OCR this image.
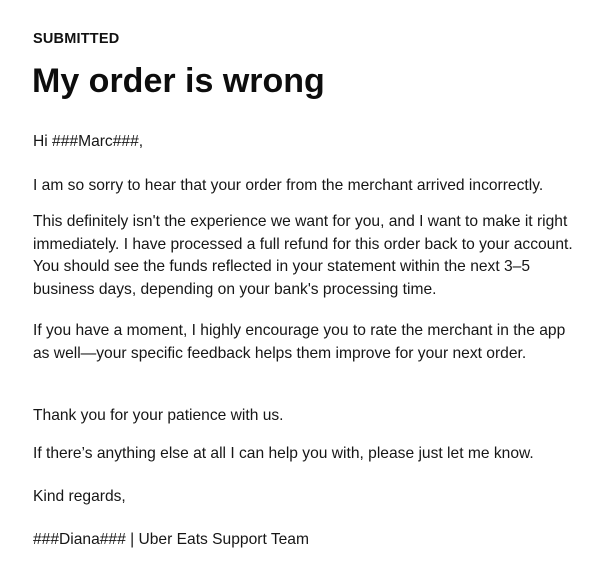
SUBMITTED
My order is wrong

Hi ###Marc###,

I am so sorry to hear that your order from the merchant arrived incorrectly.

This definitely isn't the experience we want for you, and I want to make it right immediately. I have processed a full refund for this order back to your account. You should see the funds reflected in your statement within the next 3–5 business days, depending on your bank's processing time.

If you have a moment, I highly encourage you to rate the merchant in the app as well—your specific feedback helps them improve for your next order.

Thank you for your patience with us.

If there’s anything else at all I can help you with, please just let me know.

Kind regards,

###Diana### | Uber Eats Support Team
